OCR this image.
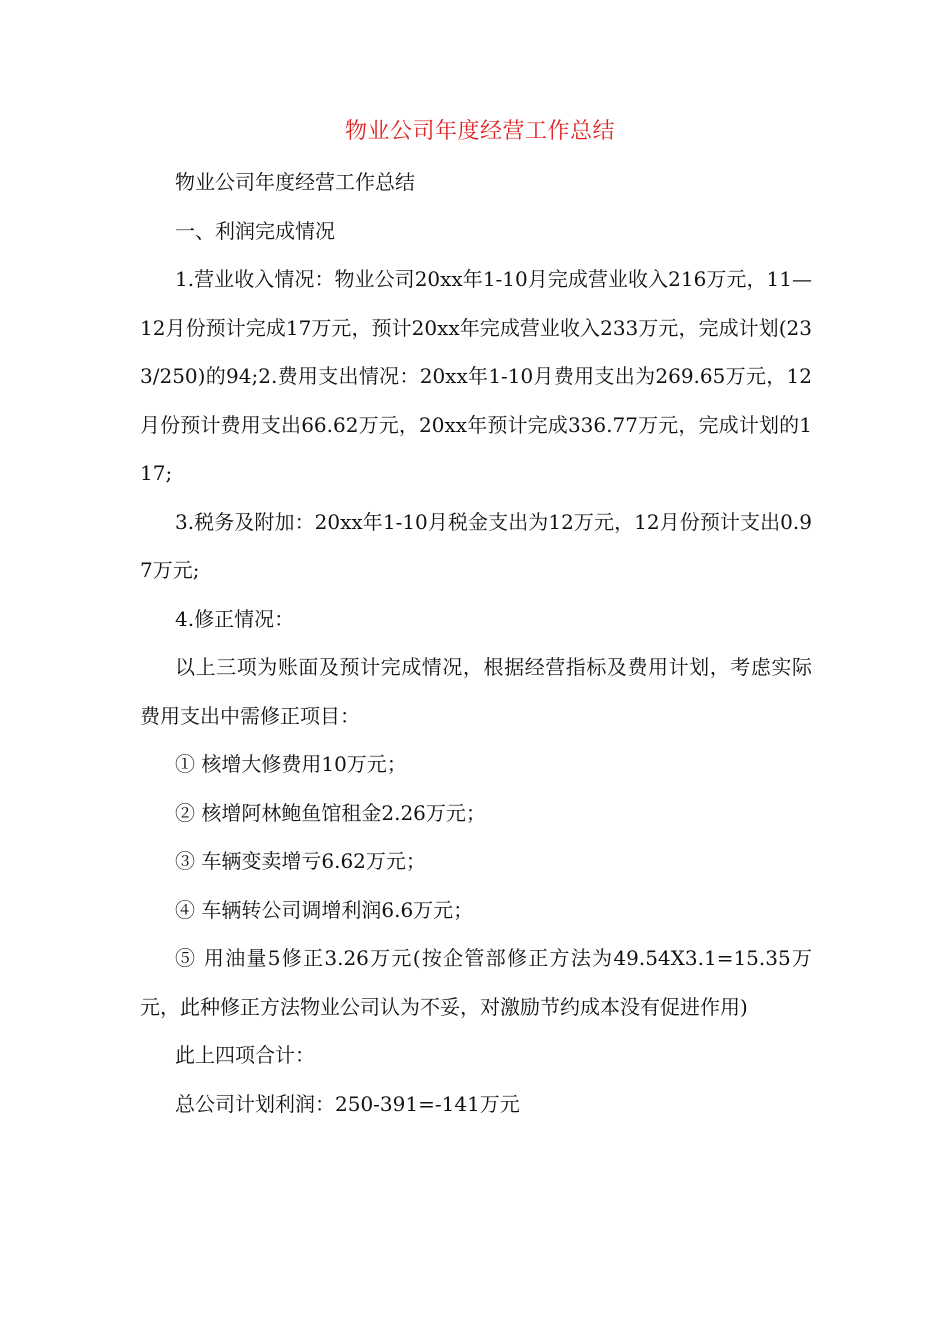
物业公司年度经营工作总结

物业公司年度经营工作总结

一、利润完成情况

1.营业收入情况：物业公司20xx年1-10月完成营业收入216万元，11—12月份预计完成17万元，预计20xx年完成营业收入233万元，完成计划(233/250)的94;2.费用支出情况：20xx年1-10月费用支出为269.65万元，12月份预计费用支出66.62万元，20xx年预计完成336.77万元，完成计划的117;

3.税务及附加：20xx年1-10月税金支出为12万元，12月份预计支出0.97万元;

4.修正情况：

以上三项为账面及预计完成情况，根据经营指标及费用计划，考虑实际费用支出中需修正项目：

① 核增大修费用10万元；

② 核增阿林鲍鱼馆租金2.26万元；

③ 车辆变卖增亏6.62万元；

④ 车辆转公司调增利润6.6万元；

⑤ 用油量5修正3.26万元(按企管部修正方法为49.54X3.1=15.35万元，此种修正方法物业公司认为不妥，对激励节约成本没有促进作用)

此上四项合计：

总公司计划利润：250-391=-141万元
